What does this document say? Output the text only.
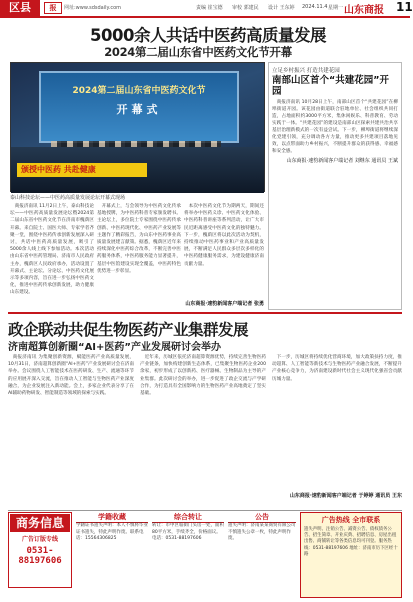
区县	报	网址:www.sdsdaily.com	责编 崔宝德 审校 郭建民 设计 王东婷 2024.11.4 星期一 山东商报 11
5000余人共话中医药高质量发展
2024第二届山东省中医药文化节开幕
2024第二届山东省中医药文化节
开幕式
颁授中医药 共赴健康
泰山科技论坛——中医药高质量发展论坛开幕式现场
商报济南讯 11月2日上午，泰山科技论坛——中医药高质量发展论坛暨2024第二届山东省中医药文化节在济南市槐荫区开幕。来自院士、国医大师、专家学者齐聚一堂，围绕中医药传承创新发展深入研讨，共话中医药高质量发展，吸引了5000余人线上线下参加活动。本次活动由山东省中医药管理局、济南市人民政府主办，槐荫区人民政府承办，活动设置了开幕式、主论坛、分论坛、中医药文化展示等多项内容，旨在进一步弘扬中医药文化，推进中医药传承创新发展，助力健康山东建设。
开幕式上，与会领导为中医药文化传承基地授牌，为中医药科普专家颁发聘书。主论坛上，多位院士专家围绕中医药传承创新、中医药现代化、中医药产业发展等主题作了精彩报告，为山东中医药事业高质量发展建言献策。据悉，槐荫区近年来持续深化中医药综合改革，不断完善中医药服务体系，中医药服务能力显著提升，基层中医馆建设实现全覆盖，中医药特色优势进一步彰显。
本次中医药文化节为期两天，期间还将举办中医药义诊、中医药文化体验、中医药科普讲座等系列活动，让广大市民近距离感受中医药文化的独特魅力。下一步，槐荫区将以此次活动为契机，持续推动中医药事业和产业高质量发展，不断满足人民群众多层次多样化的中医药健康服务需求，为建设健康济南贡献力量。
山东商报·速豹新闻客户端记者 张勇
立足乡村振兴 打造共建花园
南部山区首个“共建花园”开园
商报济南讯 10月28日上午，南部山区首个“共建花园”在柳埠街道开园。该花园由街道联合驻地单位、社会组织共同打造，占地面积约3000平方米，集休闲娱乐、科普教育、劳动实践于一体。“共建花园”的建设是南部山区探索共建共治共享基层治理新模式的一次有益尝试。下一步，柳埠街道将继续深化党建引领，充分调动各方力量，推动更多共建项目落地见效，以点带面助力乡村振兴，不断提升群众的获得感、幸福感和安全感。
山东商报·速豹新闻客户端记者 刘继东 通讯员 王斌
政企联动共促生物医药产业集群发展
济南超算创新圈“AI+医药”产业发展研讨会举办
商报济南讯 为集聚创新资源，赋能医药产业高质量发展，10月31日，济南超算创新圈“AI+医药”产业发展研讨会在济南举办。会议围绕人工智能技术在医药研发、生产、流通等环节的应用展开深入交流，旨在推动人工智能与生物医药产业深度融合，为企业发展注入新动能。会上，多家企业代表分享了在AI辅助药物研发、智能制造等领域的探索与实践。
近年来，历城区依托济南超算资源优势，持续完善生物医药产业链条，加快构建创新生态体系，已集聚生物医药企业200余家，初步形成了以创新药、医疗器械、生物制品为主导的产业集群。此次研讨会的举办，进一步促进了政企交流与产学研合作，为打造具有全国影响力的生物医药产业高地奠定了坚实基础。
下一步，历城区将持续优化营商环境，加大政策扶持力度，推动超算、人工智能等新技术与生物医药产业融合发展，不断提升产业核心竞争力，为济南建设新时代社会主义现代化强省会贡献历城力量。
山东商报·速豹新闻客户端记者 于婷婷 通讯员 王东
商务信息
广告订版专线
0531-88197606
学籍收藏
学籍证书遗失声明：本人不慎将毕业证书遗失，特此声明作废。联系电话：15564306825
综合转让
转让：市中区临街门头房一处，面积80平方米，手续齐全，价格面议。电话：0531-88197606
公告
遗失声明：济南某某商贸有限公司不慎遗失公章一枚，特此声明作废。
广告热线 全市联系
遗失声明、注销公告、减资公告、债权债务公告、招生简章、开业庆典、招聘信息、房屋出租出售、商铺转让等各类信息均可刊登。服务热线：0531-88197606 地址：济南市历下区经十路
